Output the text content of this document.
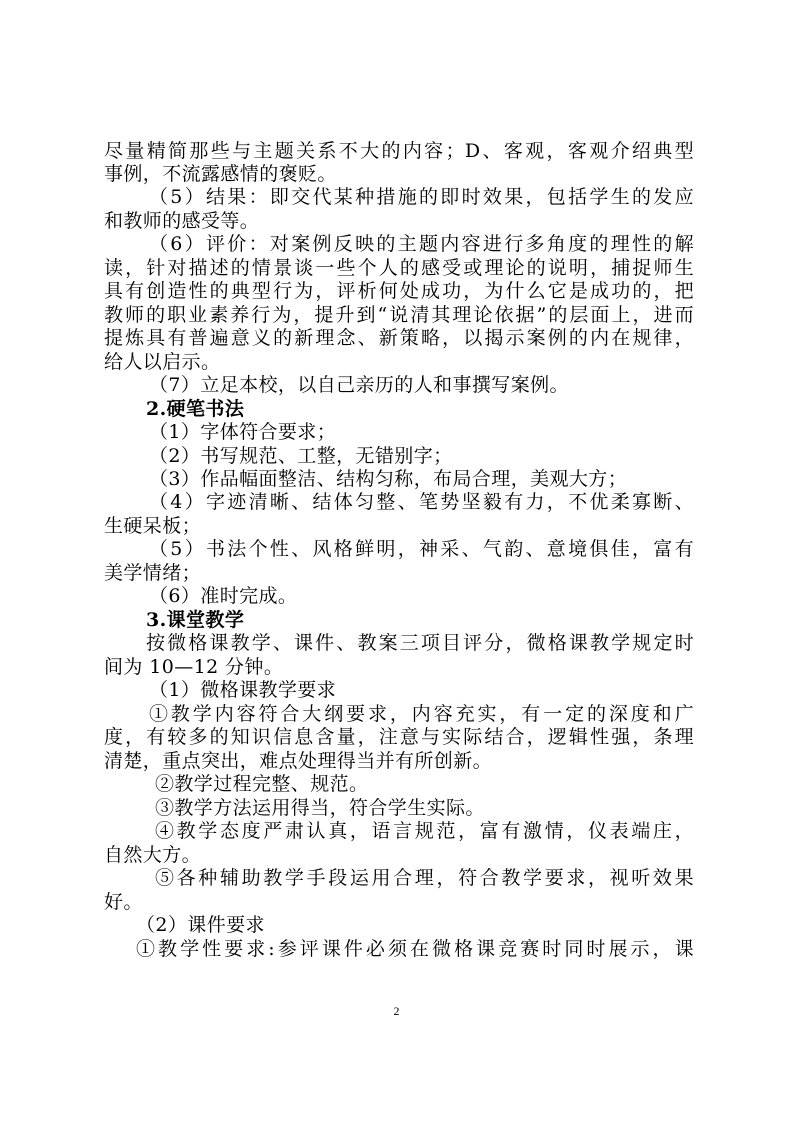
尽量精简那些与主题关系不大的内容；D、客观，客观介绍典型
事例，不流露感情的褒贬。
（5）结果：即交代某种措施的即时效果，包括学生的发应
和教师的感受等。
（6）评价：对案例反映的主题内容进行多角度的理性的解
读，针对描述的情景谈一些个人的感受或理论的说明，捕捉师生
具有创造性的典型行为，评析何处成功，为什么它是成功的，把
教师的职业素养行为，提升到“说清其理论依据”的层面上，进而
提炼具有普遍意义的新理念、新策略，以揭示案例的内在规律，
给人以启示。
（7）立足本校，以自己亲历的人和事撰写案例。
2.硬笔书法
（1）字体符合要求；
（2）书写规范、工整，无错别字；
（3）作品幅面整洁、结构匀称，布局合理，美观大方；
（4）字迹清晰、结体匀整、笔势坚毅有力，不优柔寡断、
生硬呆板；
（5）书法个性、风格鲜明，神采、气韵、意境俱佳，富有
美学情绪；
（6）准时完成。
3.课堂教学
按微格课教学、课件、教案三项目评分，微格课教学规定时
间为 10—12 分钟。
（1）微格课教学要求
①教学内容符合大纲要求，内容充实，有一定的深度和广
度，有较多的知识信息含量，注意与实际结合，逻辑性强，条理
清楚，重点突出，难点处理得当并有所创新。
②教学过程完整、规范。
③教学方法运用得当，符合学生实际。
④教学态度严肃认真，语言规范，富有激情，仪表端庄，
自然大方。
⑤各种辅助教学手段运用合理，符合教学要求，视听效果
好。
（2）课件要求
①教学性要求:参评课件必须在微格课竞赛时同时展示，课
2
